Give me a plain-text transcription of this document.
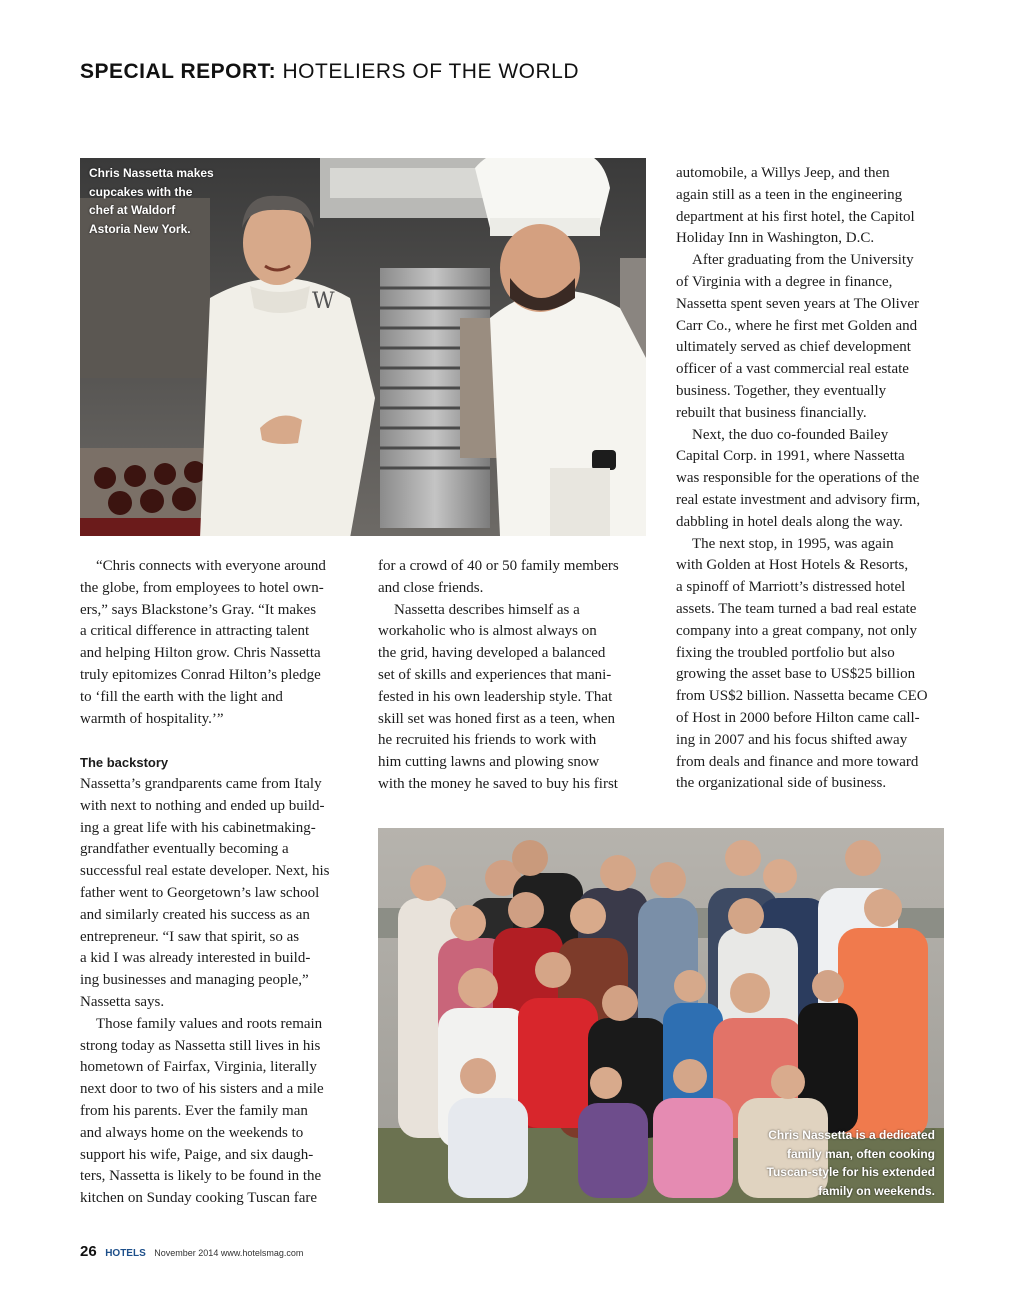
SPECIAL REPORT: HOTELIERS OF THE WORLD
W
Chris Nassetta makes
cupcakes with the
chef at Waldorf
Astoria New York.
“Chris connects with everyone around
the globe, from employees to hotel own-
ers,” says Blackstone’s Gray. “It makes
a critical difference in attracting talent
and helping Hilton grow. Chris Nassetta
truly epitomizes Conrad Hilton’s pledge
to ‘fill the earth with the light and
warmth of hospitality.’”
The backstory
Nassetta’s grandparents came from Italy
with next to nothing and ended up build-
ing a great life with his cabinetmaking-
grandfather eventually becoming a
successful real estate developer. Next, his
father went to Georgetown’s law school
and similarly created his success as an
entrepreneur. “I saw that spirit, so as
a kid I was already interested in build-
ing businesses and managing people,”
Nassetta says.
Those family values and roots remain
strong today as Nassetta still lives in his
hometown of Fairfax, Virginia, literally
next door to two of his sisters and a mile
from his parents. Ever the family man
and always home on the weekends to
support his wife, Paige, and six daugh-
ters, Nassetta is likely to be found in the
kitchen on Sunday cooking Tuscan fare
for a crowd of 40 or 50 family members
and close friends.
Nassetta describes himself as a
workaholic who is almost always on
the grid, having developed a balanced
set of skills and experiences that mani-
fested in his own leadership style. That
skill set was honed first as a teen, when
he recruited his friends to work with
him cutting lawns and plowing snow
with the money he saved to buy his first
automobile, a Willys Jeep, and then
again still as a teen in the engineering
department at his first hotel, the Capitol
Holiday Inn in Washington, D.C.
After graduating from the University
of Virginia with a degree in finance,
Nassetta spent seven years at The Oliver
Carr Co., where he first met Golden and
ultimately served as chief development
officer of a vast commercial real estate
business. Together, they eventually
rebuilt that business financially.
Next, the duo co-founded Bailey
Capital Corp. in 1991, where Nassetta
was responsible for the operations of the
real estate investment and advisory firm,
dabbling in hotel deals along the way.
The next stop, in 1995, was again
with Golden at Host Hotels & Resorts,
a spinoff of Marriott’s distressed hotel
assets. The team turned a bad real estate
company into a great company, not only
fixing the troubled portfolio but also
growing the asset base to US$25 billion
from US$2 billion. Nassetta became CEO
of Host in 2000 before Hilton came call-
ing in 2007 and his focus shifted away
from deals and finance and more toward
the organizational side of business.
Chris Nassetta is a dedicated
family man, often cooking
Tuscan-style for his extended
family on weekends.
26 HOTELS November 2014 www.hotelsmag.com
